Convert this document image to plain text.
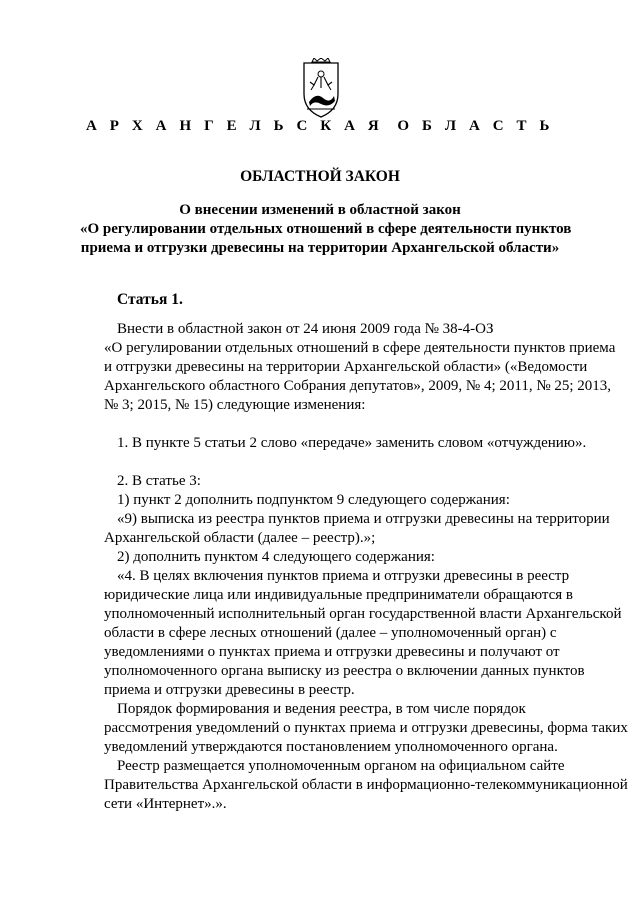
А Р Х А Н Г Е Л Ь С К А Я О Б Л А С Т Ь
ОБЛАСТНОЙ ЗАКОН
О внесении изменений в областной закон
«О регулировании отдельных отношений в сфере деятельности пунктов
приема и отгрузки древесины на территории Архангельской области»
Статья 1.

Внести в областной закон от 24 июня 2009 года № 38-4-ОЗ

«О регулировании отдельных отношений в сфере деятельности пунктов приема

и отгрузки древесины на территории Архангельской области» («Ведомости

Архангельского областного Собрания депутатов», 2009, № 4; 2011, № 25; 2013,

№ 3; 2015, № 15) следующие изменения:

1. В пункте 5 статьи 2 слово «передаче» заменить словом «отчуждению».

2. В статье 3:

1) пункт 2 дополнить подпунктом 9 следующего содержания:

«9) выписка из реестра пунктов приема и отгрузки древесины на территории

Архангельской области (далее – реестр).»;

2) дополнить пунктом 4 следующего содержания:

«4. В целях включения пунктов приема и отгрузки древесины в реестр

юридические лица или индивидуальные предприниматели обращаются в

уполномоченный исполнительный орган государственной власти Архангельской

области в сфере лесных отношений (далее – уполномоченный орган) с

уведомлениями о пунктах приема и отгрузки древесины и получают от

уполномоченного органа выписку из реестра о включении данных пунктов

приема и отгрузки древесины в реестр.

Порядок формирования и ведения реестра, в том числе порядок

рассмотрения уведомлений о пунктах приема и отгрузки древесины, форма таких

уведомлений утверждаются постановлением уполномоченного органа.

Реестр размещается уполномоченным органом на официальном сайте

Правительства Архангельской области в информационно-телекоммуникационной

сети «Интернет».».
